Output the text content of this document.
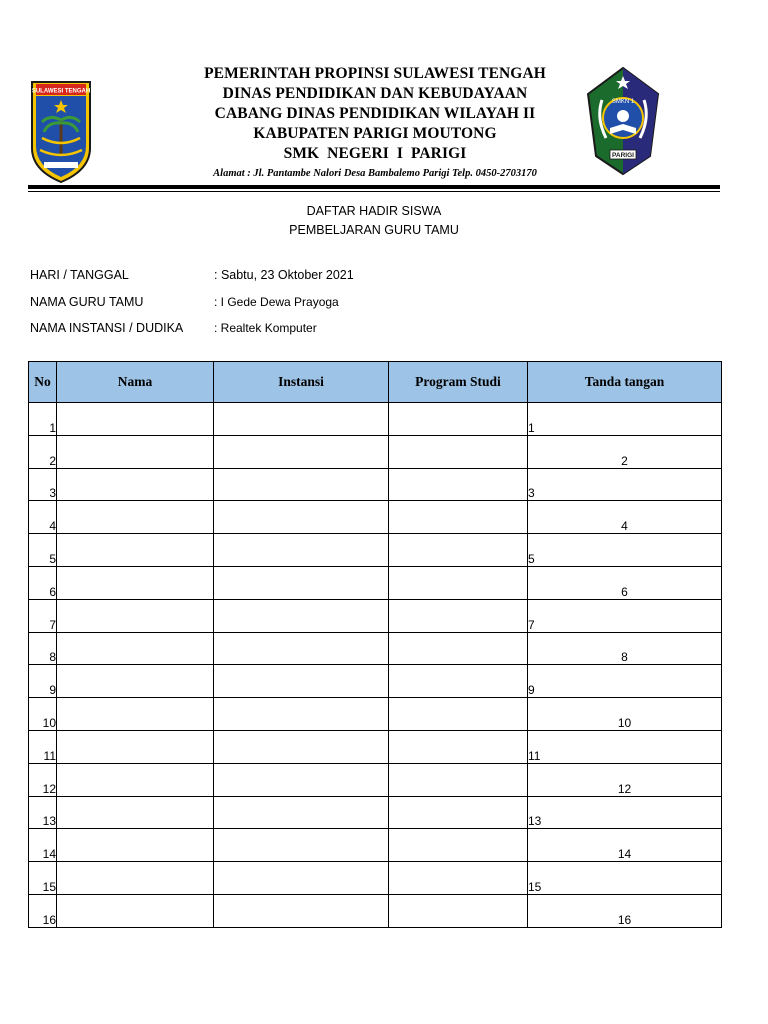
SULAWESI TENGAH
SMKN 1
PARIGI
PEMERINTAH PROPINSI SULAWESI TENGAH
DINAS PENDIDIKAN DAN KEBUDAYAAN
CABANG DINAS PENDIDIKAN WILAYAH II
KABUPATEN PARIGI MOUTONG
SMK  NEGERI  I  PARIGI
Alamat : Jl. Pantambe Nalori Desa Bambalemo Parigi Telp. 0450-2703170
DAFTAR HADIR SISWA
PEMBELJARAN GURU TAMU
HARI / TANGGAL	: Sabtu, 23 Oktober 2021
NAMA GURU TAMU	: I Gede Dewa Prayoga
NAMA INSTANSI / DUDIKA	: Realtek Komputer
No	Nama	Instansi	Program Studi	Tanda tangan
1				1
2				2
3				3
4				4
5				5
6				6
7				7
8				8
9				9
10				10
11				11
12				12
13				13
14				14
15				15
16				16
